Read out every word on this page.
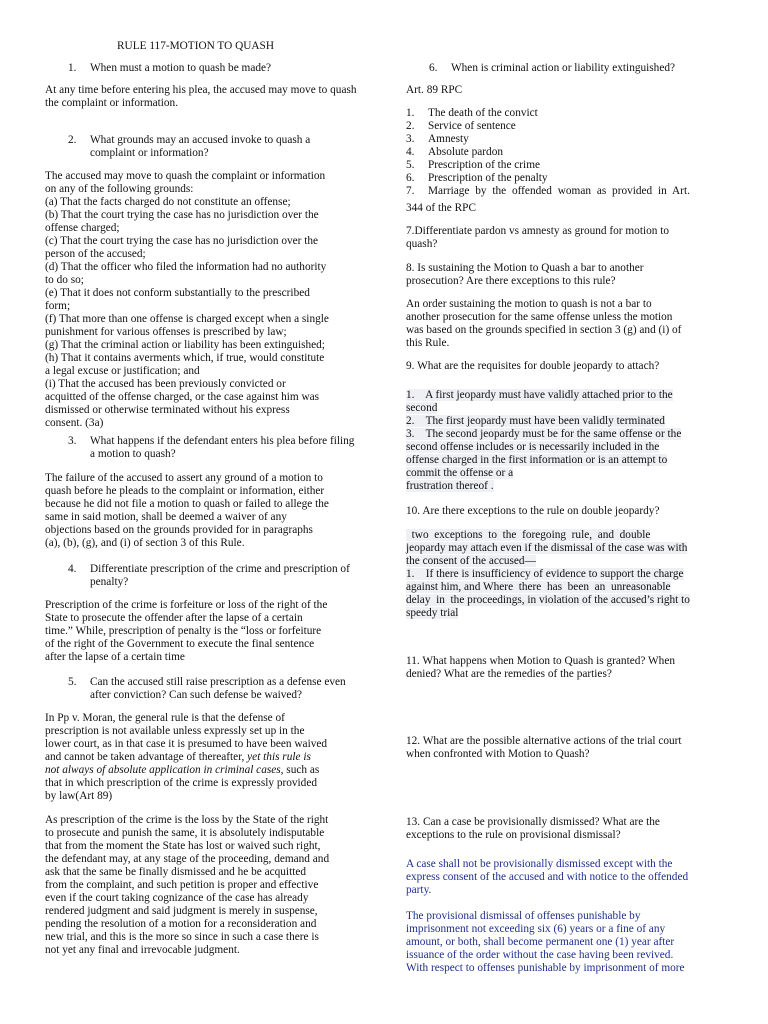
RULE 117-MOTION TO QUASH
1.	When must a motion to quash be made?
At any time before entering his plea, the accused may move to quash the complaint or information.
2.	What grounds may an accused invoke to quash a complaint or information?
The accused may move to quash the complaint or information
on any of the following grounds:
(a) That the facts charged do not constitute an offense;
(b) That the court trying the case has no jurisdiction over the
offense charged;
(c) That the court trying the case has no jurisdiction over the
person of the accused;
(d) That the officer who filed the information had no authority
to do so;
(e) That it does not conform substantially to the prescribed
form;
(f) That more than one offense is charged except when a single
punishment for various offenses is prescribed by law;
(g) That the criminal action or liability has been extinguished;
(h) That it contains averments which, if true, would constitute
a legal excuse or justification; and
(i) That the accused has been previously convicted or
acquitted of the offense charged, or the case against him was
dismissed or otherwise terminated without his express
consent. (3a)
3.	What happens if the defendant enters his plea before filing a motion to quash?
The failure of the accused to assert any ground of a motion to
quash before he pleads to the complaint or information, either
because he did not file a motion to quash or failed to allege the
same in said motion, shall be deemed a waiver of any
objections based on the grounds provided for in paragraphs
(a), (b), (g), and (i) of section 3 of this Rule.
4.	Differentiate prescription of the crime and prescription of penalty?
Prescription of the crime is forfeiture or loss of the right of the
State to prosecute the offender after the lapse of a certain
time.” While, prescription of penalty is the “loss or forfeiture
of the right of the Government to execute the final sentence
after the lapse of a certain time
5.	Can the accused still raise prescription as a defense even after conviction? Can such defense be waived?
In Pp v. Moran, the general rule is that the defense of
prescription is not available unless expressly set up in the
lower court, as in that case it is presumed to have been waived
and cannot be taken advantage of thereafter, yet this rule is
not always of absolute application in criminal cases, such as
that in which prescription of the crime is expressly provided
by law(Art 89)
As prescription of the crime is the loss by the State of the right
to prosecute and punish the same, it is absolutely indisputable
that from the moment the State has lost or waived such right,
the defendant may, at any stage of the proceeding, demand and
ask that the same be finally dismissed and he be acquitted
from the complaint, and such petition is proper and effective
even if the court taking cognizance of the case has already
rendered judgment and said judgment is merely in suspense,
pending the resolution of a motion for a reconsideration and
new trial, and this is the more so since in such a case there is
not yet any final and irrevocable judgment.
6.	When is criminal action or liability extinguished?
Art. 89 RPC
1.	The death of the convict
2.	Service of sentence
3.	Amnesty
4.	Absolute pardon
5.	Prescription of the crime
6.	Prescription of the penalty
7.	Marriage by the offended woman as provided in Art.
344 of the RPC
7.Differentiate pardon vs amnesty as ground for motion to
quash?
8. Is sustaining the Motion to Quash a bar to another
prosecution? Are there exceptions to this rule?
An order sustaining the motion to quash is not a bar to
another prosecution for the same offense unless the motion
was based on the grounds specified in section 3 (g) and (i) of
this Rule.
9. What are the requisites for double jeopardy to attach?
1.    A first jeopardy must have validly attached prior to the
second
2.    The first jeopardy must have been validly terminated
3.    The second jeopardy must be for the same offense or the
second offense includes or is necessarily included in the
offense charged in the first information or is an attempt to
commit the offense or a
frustration thereof .
10. Are there exceptions to the rule on double jeopardy?
two  exceptions  to  the  foregoing  rule,  and  double
jeopardy may attach even if the dismissal of the case was with
the consent of the accused—
1.    If there is insufficiency of evidence to support the charge
against him, and Where  there  has  been  an  unreasonable
delay  in  the proceedings, in violation of the accused’s right to
speedy trial
11. What happens when Motion to Quash is granted? When
denied? What are the remedies of the parties?
12. What are the possible alternative actions of the trial court
when confronted with Motion to Quash?
13. Can a case be provisionally dismissed? What are the
exceptions to the rule on provisional dismissal?
A case shall not be provisionally dismissed except with the
express consent of the accused and with notice to the offended
party.
The provisional dismissal of offenses punishable by
imprisonment not exceeding six (6) years or a fine of any
amount, or both, shall become permanent one (1) year after
issuance of the order without the case having been revived.
With respect to offenses punishable by imprisonment of more
